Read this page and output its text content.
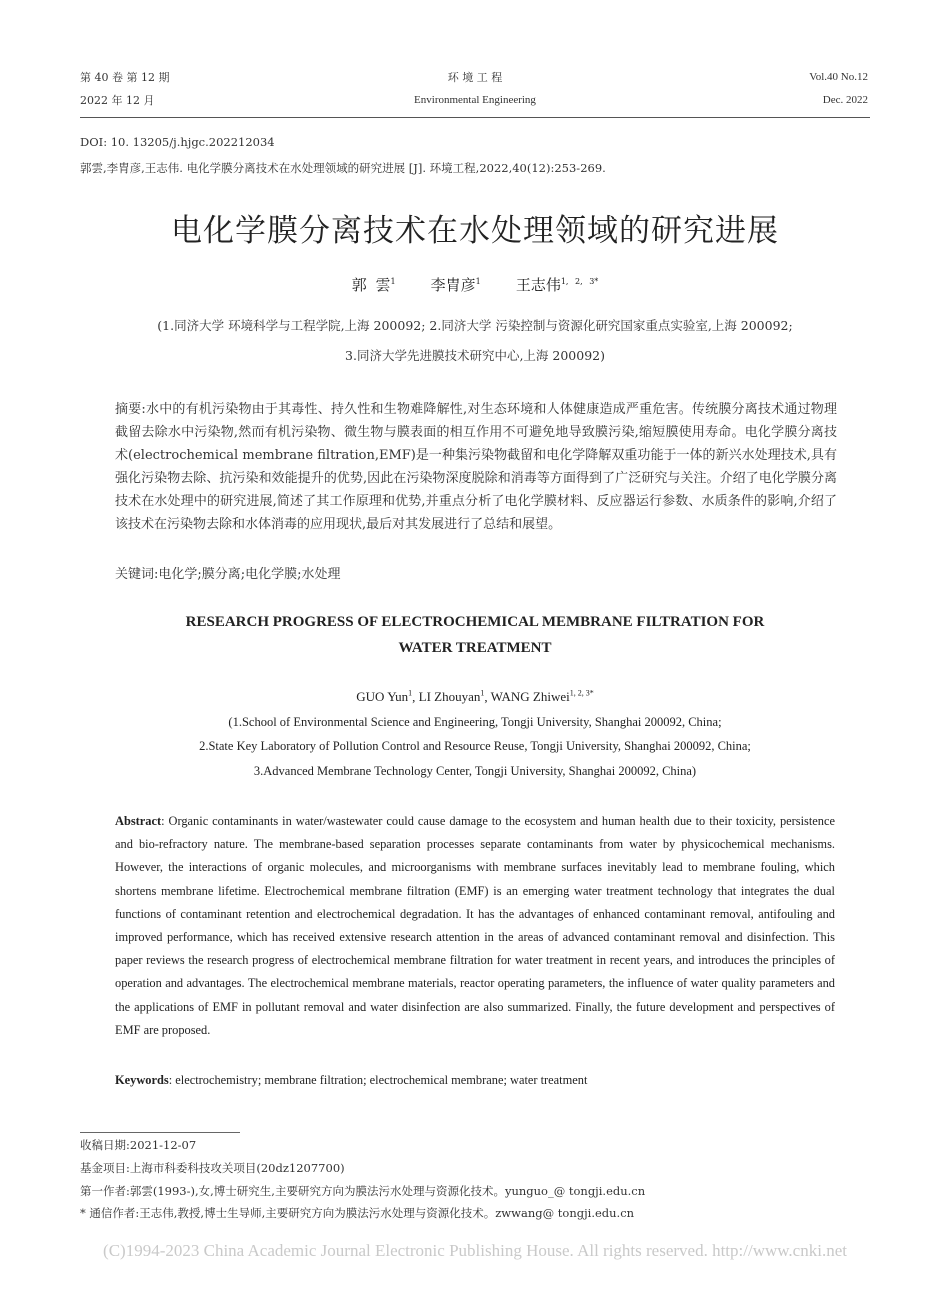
第 40 卷 第 12 期
2022 年 12 月
环 境 工 程
Environmental Engineering
Vol.40 No.12
Dec. 2022
DOI: 10. 13205/j.hjgc.202212034
郭雲,李胄彦,王志伟. 电化学膜分离技术在水处理领域的研究进展 [J]. 环境工程,2022,40(12):253-269.
电化学膜分离技术在水处理领域的研究进展
郭 雲$^1$ 李胄彦$^1$ 王志伟$^{1, 2, 3*}$
(1.同济大学 环境科学与工程学院,上海 200092; 2.同济大学 污染控制与资源化研究国家重点实验室,上海 200092;
3.同济大学先进膜技术研究中心,上海 200092)
摘要:水中的有机污染物由于其毒性、持久性和生物难降解性,对生态环境和人体健康造成严重危害。传统膜分离技术通过物理截留去除水中污染物,然而有机污染物、微生物与膜表面的相互作用不可避免地导致膜污染,缩短膜使用寿命。电化学膜分离技术(electrochemical membrane filtration,EMF)是一种集污染物截留和电化学降解双重功能于一体的新兴水处理技术,具有强化污染物去除、抗污染和效能提升的优势,因此在污染物深度脱除和消毒等方面得到了广泛研究与关注。介绍了电化学膜分离技术在水处理中的研究进展,简述了其工作原理和优势,并重点分析了电化学膜材料、反应器运行参数、水质条件的影响,介绍了该技术在污染物去除和水体消毒的应用现状,最后对其发展进行了总结和展望。
关键词:电化学;膜分离;电化学膜;水处理
RESEARCH PROGRESS OF ELECTROCHEMICAL MEMBRANE FILTRATION FOR
WATER TREATMENT
GUO Yun$^1$, LI Zhouyan$^1$, WANG Zhiwei$^{1, 2, 3*}$
(1.School of Environmental Science and Engineering, Tongji University, Shanghai 200092, China;
2.State Key Laboratory of Pollution Control and Resource Reuse, Tongji University, Shanghai 200092, China;
3.Advanced Membrane Technology Center, Tongji University, Shanghai 200092, China)
Abstract: Organic contaminants in water/wastewater could cause damage to the ecosystem and human health due to their toxicity, persistence and bio-refractory nature. The membrane-based separation processes separate contaminants from water by physicochemical mechanisms. However, the interactions of organic molecules, and microorganisms with membrane surfaces inevitably lead to membrane fouling, which shortens membrane lifetime. Electrochemical membrane filtration (EMF) is an emerging water treatment technology that integrates the dual functions of contaminant retention and electrochemical degradation. It has the advantages of enhanced contaminant removal, antifouling and improved performance, which has received extensive research attention in the areas of advanced contaminant removal and disinfection. This paper reviews the research progress of electrochemical membrane filtration for water treatment in recent years, and introduces the principles of operation and advantages. The electrochemical membrane materials, reactor operating parameters, the influence of water quality parameters and the applications of EMF in pollutant removal and water disinfection are also summarized. Finally, the future development and perspectives of EMF are proposed.
Keywords: electrochemistry; membrane filtration; electrochemical membrane; water treatment
收稿日期:2021-12-07
基金项目:上海市科委科技攻关项目(20dz1207700)
第一作者:郭雲(1993-),女,博士研究生,主要研究方向为膜法污水处理与资源化技术。yunguo_@ tongji.edu.cn
* 通信作者:王志伟,教授,博士生导师,主要研究方向为膜法污水处理与资源化技术。zwwang@ tongji.edu.cn
(C)1994-2023 China Academic Journal Electronic Publishing House. All rights reserved. http://www.cnki.net
